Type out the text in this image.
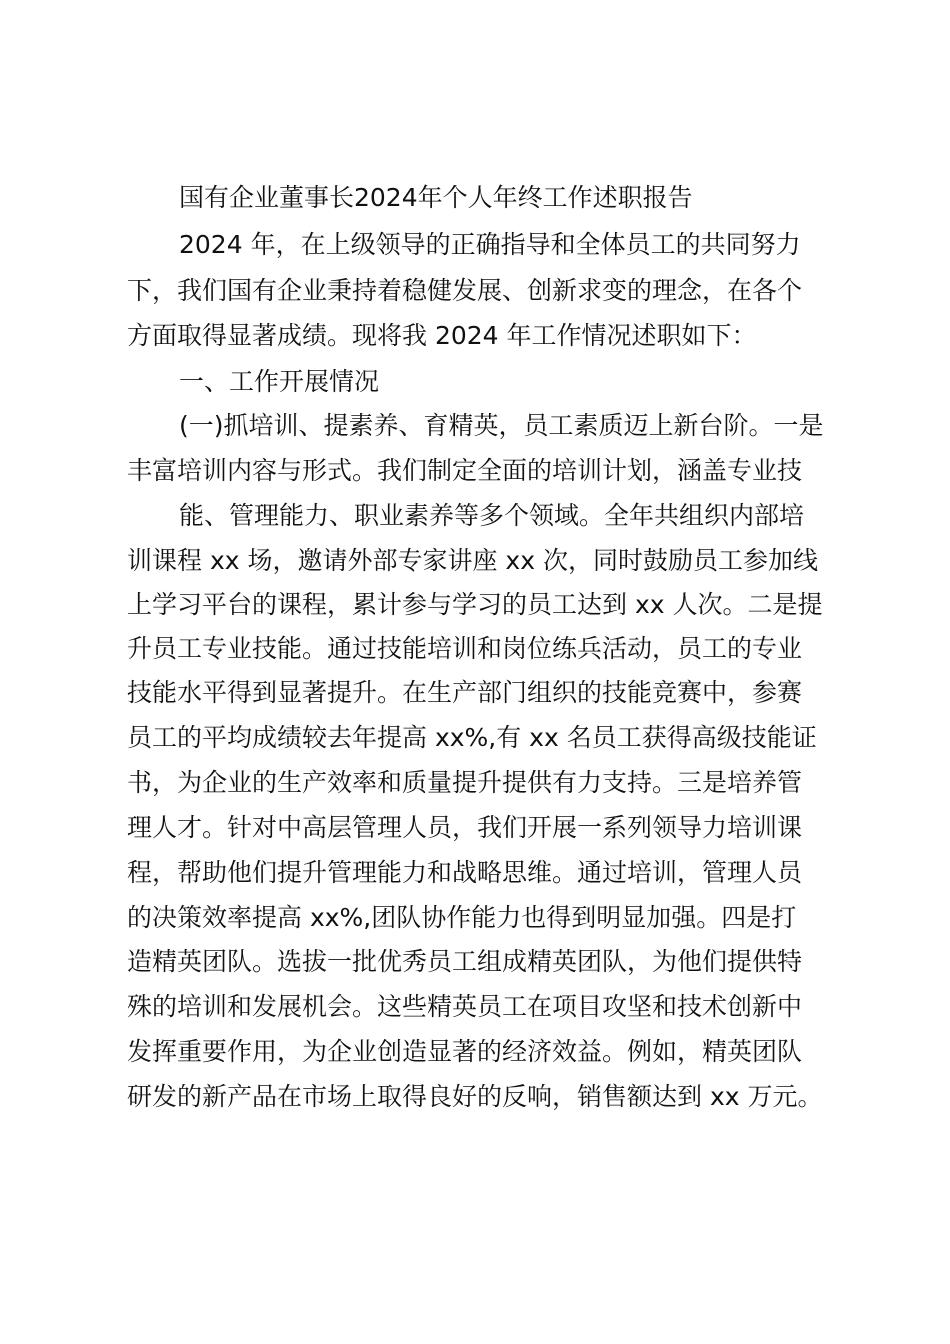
国有企业董事长2024年个人年终工作述职报告
2024 年，在上级领导的正确指导和全体员工的共同努力
下，我们国有企业秉持着稳健发展、创新求变的理念，在各个
方面取得显著成绩。现将我 2024 年工作情况述职如下：
一、工作开展情况
(一)抓培训、提素养、育精英，员工素质迈上新台阶。一是
丰富培训内容与形式。我们制定全面的培训计划，涵盖专业技
能、管理能力、职业素养等多个领域。全年共组织内部培
训课程 xx 场，邀请外部专家讲座 xx 次，同时鼓励员工参加线
上学习平台的课程，累计参与学习的员工达到 xx 人次。二是提
升员工专业技能。通过技能培训和岗位练兵活动，员工的专业
技能水平得到显著提升。在生产部门组织的技能竞赛中，参赛
员工的平均成绩较去年提高 xx%,有 xx 名员工获得高级技能证
书，为企业的生产效率和质量提升提供有力支持。三是培养管
理人才。针对中高层管理人员，我们开展一系列领导力培训课
程，帮助他们提升管理能力和战略思维。通过培训，管理人员
的决策效率提高 xx%,团队协作能力也得到明显加强。四是打
造精英团队。选拔一批优秀员工组成精英团队，为他们提供特
殊的培训和发展机会。这些精英员工在项目攻坚和技术创新中
发挥重要作用，为企业创造显著的经济效益。例如，精英团队
研发的新产品在市场上取得良好的反响，销售额达到 xx 万元。
